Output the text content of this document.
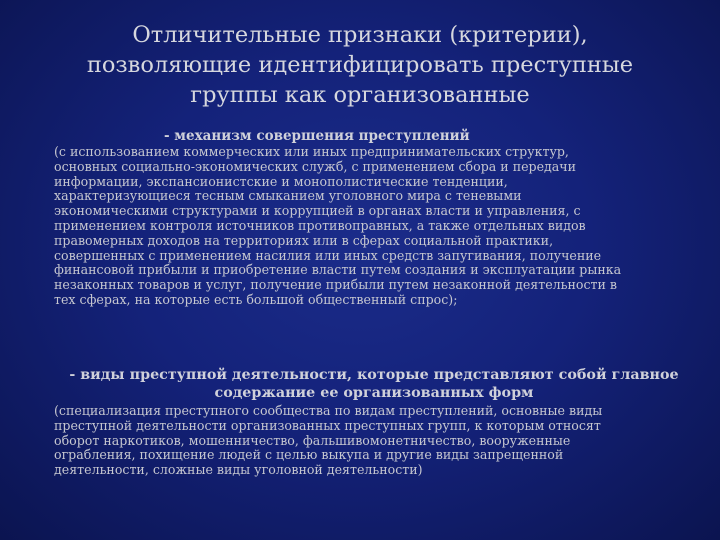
Отличительные признаки (критерии),
позволяющие идентифицировать преступные
группы как организованные

- механизм совершения преступлений

(с использованием коммерческих или иных предпринимательских структур,
основных социально-экономических служб, с применением сбора и передачи
информации, экспансионистские и монополистические тенденции,
характеризующиеся тесным смыканием уголовного мира с теневыми
экономическими структурами и коррупцией в органах власти и управления, с
применением контроля источников противоправных, а также отдельных видов
правомерных доходов на территориях или в сферах социальной практики,
совершенных с применением насилия или иных средств запугивания, получение
финансовой прибыли и приобретение власти путем создания и эксплуатации рынка
незаконных товаров и услуг, получение прибыли путем незаконной деятельности в
тех сферах, на которые есть большой общественный спрос);

- виды преступной деятельности, которые представляют собой главное
содержание ее организованных форм

(специализация преступного сообщества по видам преступлений, основные виды
преступной деятельности организованных преступных групп, к которым относят
оборот наркотиков, мошенничество, фальшивомонетничество, вооруженные
ограбления, похищение людей с целью выкупа и другие виды запрещенной
деятельности, сложные виды уголовной деятельности)
